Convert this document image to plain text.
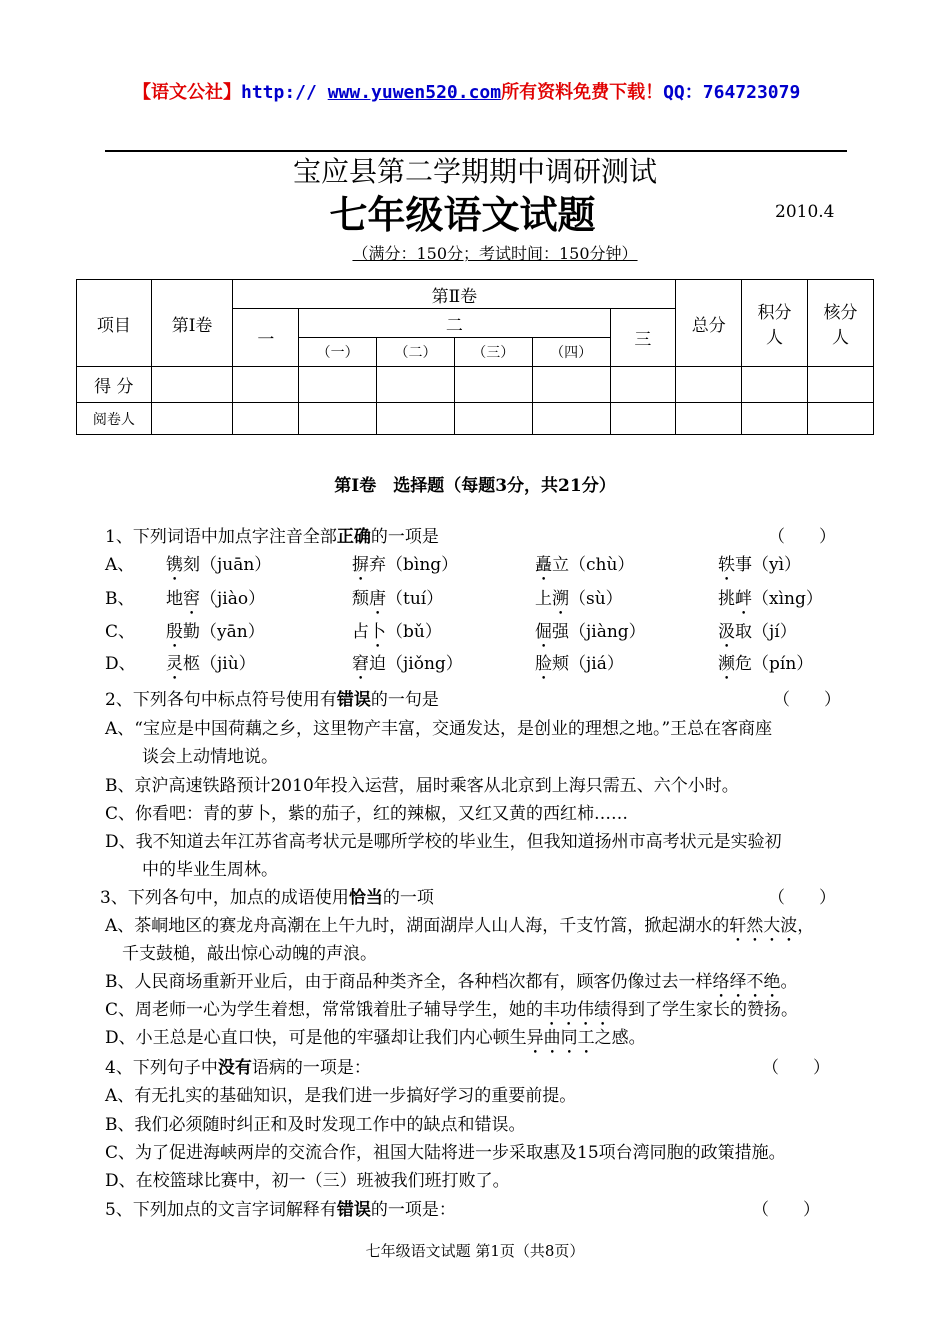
【语文公社】http:// www.yuwen520.com所有资料免费下载！QQ：764723079
宝应县第二学期期中调研测试
七年级语文试题	2010.4
（满分：150分；考试时间：150分钟）
项目	第Ⅰ卷	第Ⅱ卷						总分	积分人	核分人
		一	二				三			
			（一）	（二）	（三）	（四）				
得 分										
阅卷人										
第Ⅰ卷　选择题（每题3分，共21分）
1、下列词语中加点字注音全部正确的一项是	（　　）
A、 镌刻（juān）	摒弃（bìng）	矗立（chù）	轶事（yì）
B、 地窖（jiào）	颓唐（tuí）	上溯（sù）	挑衅（xìng）
C、 殷勤（yān）	占卜（bǔ）	倔强（jiàng）	汲取（jí）
D、 灵柩（jiù）	窘迫（jiǒng）	脸颊（jiá）	濒危（pín）
2、下列各句中标点符号使用有错误的一句是	（　　）
A、“宝应是中国荷藕之乡，这里物产丰富，交通发达，是创业的理想之地。”王总在客商座
谈会上动情地说。
B、京沪高速铁路预计2010年投入运营，届时乘客从北京到上海只需五、六个小时。
C、你看吧：青的萝卜，紫的茄子，红的辣椒，又红又黄的西红柿……
D、我不知道去年江苏省高考状元是哪所学校的毕业生，但我知道扬州市高考状元是实验初
中的毕业生周林。
3、下列各句中，加点的成语使用恰当的一项	（　　）
A、茶峒地区的赛龙舟高潮在上午九时，湖面湖岸人山人海，千支竹篙，掀起湖水的轩然大波，
千支鼓槌，敲出惊心动魄的声浪。
B、人民商场重新开业后，由于商品种类齐全，各种档次都有，顾客仍像过去一样络绎不绝。
C、周老师一心为学生着想，常常饿着肚子辅导学生，她的丰功伟绩得到了学生家长的赞扬。
D、小王总是心直口快，可是他的牢骚却让我们内心顿生异曲同工之感。
4、下列句子中没有语病的一项是：	（　　）
A、有无扎实的基础知识，是我们进一步搞好学习的重要前提。
B、我们必须随时纠正和及时发现工作中的缺点和错误。
C、为了促进海峡两岸的交流合作，祖国大陆将进一步采取惠及15项台湾同胞的政策措施。
D、在校篮球比赛中，初一（三）班被我们班打败了。
5、下列加点的文言字词解释有错误的一项是：	（　　）
七年级语文试题 第1页（共8页）
